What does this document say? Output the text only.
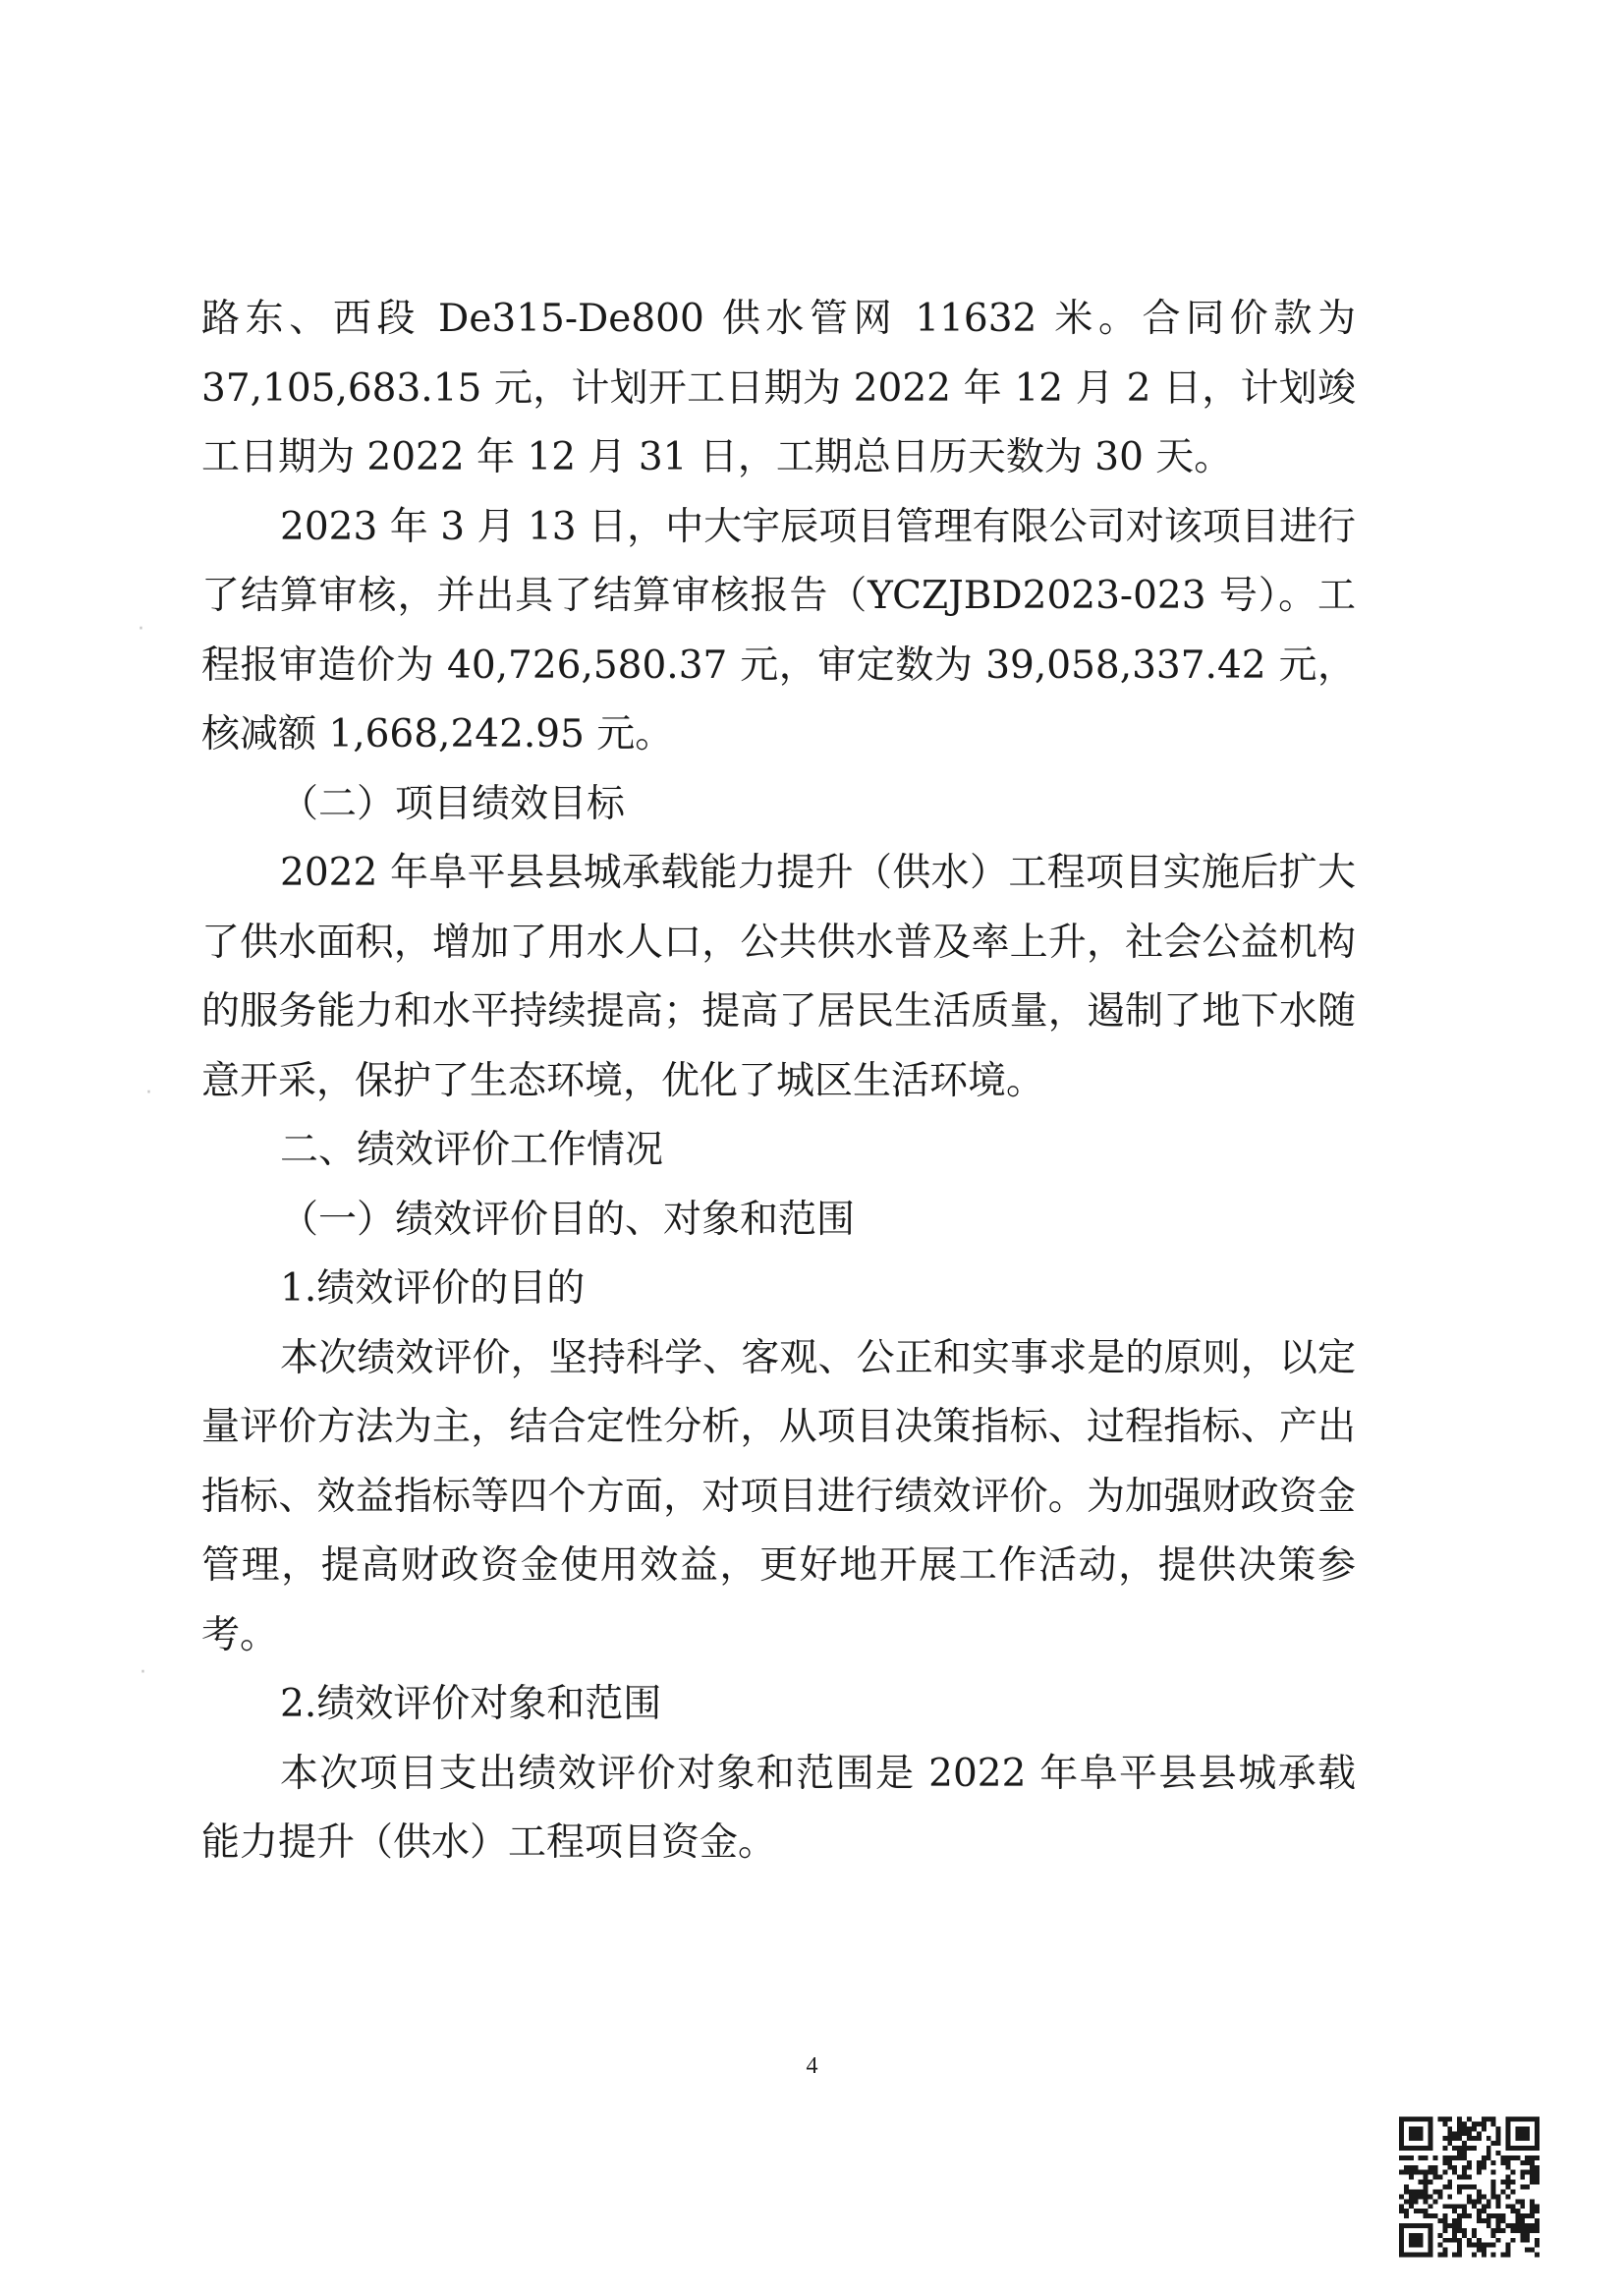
路东、西段 De315-De800 供水管网 11632 米。合同价款为 37,105,683.15 元，计划开工日期为 2022 年 12 月 2 日，计划竣工日期为 2022 年 12 月 31 日，工期总日历天数为 30 天。

2023 年 3 月 13 日，中大宇辰项目管理有限公司对该项目进行了结算审核，并出具了结算审核报告（YCZJBD2023-023 号）。工程报审造价为 40,726,580.37 元，审定数为 39,058,337.42 元，核减额 1,668,242.95 元。

（二）项目绩效目标

2022 年阜平县县城承载能力提升（供水）工程项目实施后扩大了供水面积，增加了用水人口，公共供水普及率上升，社会公益机构的服务能力和水平持续提高；提高了居民生活质量，遏制了地下水随意开采，保护了生态环境，优化了城区生活环境。

二、绩效评价工作情况

（一）绩效评价目的、对象和范围

1.绩效评价的目的

本次绩效评价，坚持科学、客观、公正和实事求是的原则，以定量评价方法为主，结合定性分析，从项目决策指标、过程指标、产出指标、效益指标等四个方面，对项目进行绩效评价。为加强财政资金管理，提高财政资金使用效益，更好地开展工作活动，提供决策参考。

2.绩效评价对象和范围

本次项目支出绩效评价对象和范围是 2022 年阜平县县城承载能力提升（供水）工程项目资金。

·
·
·
4
